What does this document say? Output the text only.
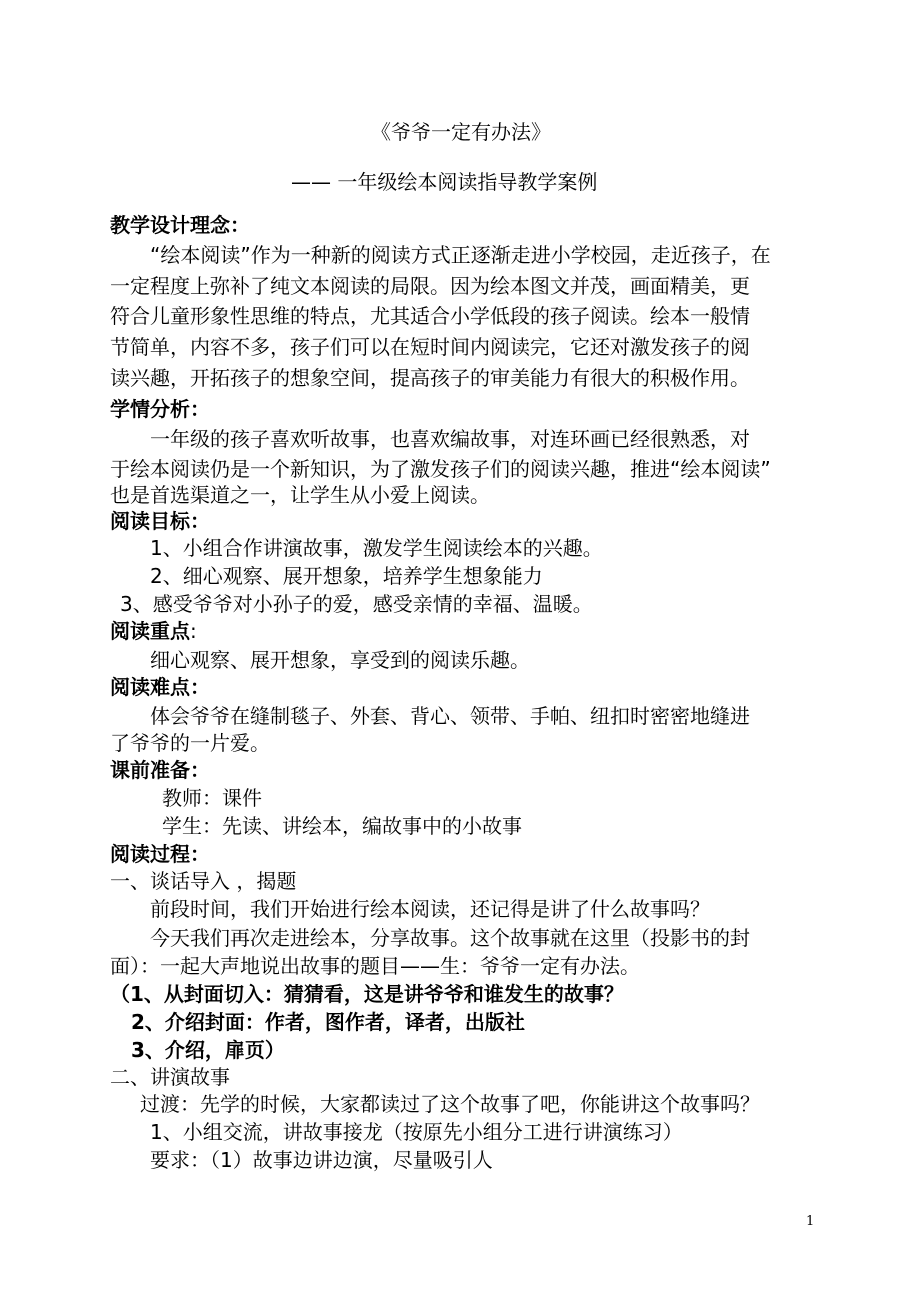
《爷爷一定有办法》

—— 一年级绘本阅读指导教学案例

教学设计理念：

“绘本阅读”作为一种新的阅读方式正逐渐走进小学校园，走近孩子，在

一定程度上弥补了纯文本阅读的局限。因为绘本图文并茂，画面精美，更

符合儿童形象性思维的特点，尤其适合小学低段的孩子阅读。绘本一般情

节简单，内容不多，孩子们可以在短时间内阅读完，它还对激发孩子的阅

读兴趣，开拓孩子的想象空间，提高孩子的审美能力有很大的积极作用。

学情分析：

一年级的孩子喜欢听故事，也喜欢编故事，对连环画已经很熟悉，对

于绘本阅读仍是一个新知识，为了激发孩子们的阅读兴趣，推进“绘本阅读”

也是首选渠道之一，让学生从小爱上阅读。

阅读目标：

1、小组合作讲演故事，激发学生阅读绘本的兴趣。

2、细心观察、展开想象，培养学生想象能力

3、感受爷爷对小孙子的爱，感受亲情的幸福、温暖。

阅读重点:

细心观察、展开想象，享受到的阅读乐趣。

阅读难点：

体会爷爷在缝制毯子、外套、背心、领带、手帕、纽扣时密密地缝进

了爷爷的一片爱。

课前准备：

教师：课件

学生：先读、讲绘本，编故事中的小故事

阅读过程：

一、谈话导入 ，揭题

前段时间，我们开始进行绘本阅读，还记得是讲了什么故事吗？

今天我们再次走进绘本，分享故事。这个故事就在这里（投影书的封

面）：一起大声地说出故事的题目——生：爷爷一定有办法。

（1、从封面切入：猜猜看，这是讲爷爷和谁发生的故事？

2、介绍封面：作者，图作者，译者，出版社

3、介绍，扉页）

二、讲演故事

过渡：先学的时候，大家都读过了这个故事了吧，你能讲这个故事吗？

1、小组交流，讲故事接龙（按原先小组分工进行讲演练习）

要求：（1）故事边讲边演，尽量吸引人

1
